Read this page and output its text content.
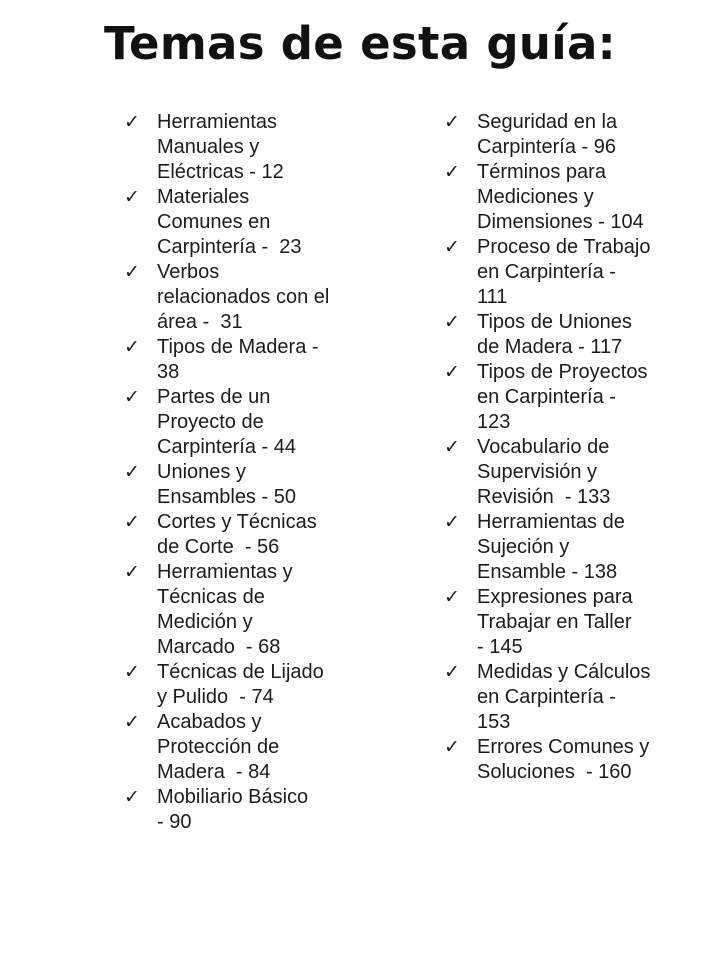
Temas de esta guía:
✓ Herramientas
Manuales y
Eléctricas - 12
✓ Materiales
Comunes en
Carpintería -  23
✓ Verbos
relacionados con el
área -  31
✓ Tipos de Madera -
38
✓ Partes de un
Proyecto de
Carpintería - 44
✓ Uniones y
Ensambles - 50
✓ Cortes y Técnicas
de Corte  - 56
✓ Herramientas y
Técnicas de
Medición y
Marcado  - 68
✓ Técnicas de Lijado
y Pulido  - 74
✓ Acabados y
Protección de
Madera  - 84
✓ Mobiliario Básico
- 90
✓ Seguridad en la
Carpintería - 96
✓ Términos para
Mediciones y
Dimensiones - 104
✓ Proceso de Trabajo
en Carpintería -
111
✓ Tipos de Uniones
de Madera - 117
✓ Tipos de Proyectos
en Carpintería -
123
✓ Vocabulario de
Supervisión y
Revisión  - 133
✓ Herramientas de
Sujeción y
Ensamble - 138
✓ Expresiones para
Trabajar en Taller
- 145
✓ Medidas y Cálculos
en Carpintería -
153
✓ Errores Comunes y
Soluciones  - 160
